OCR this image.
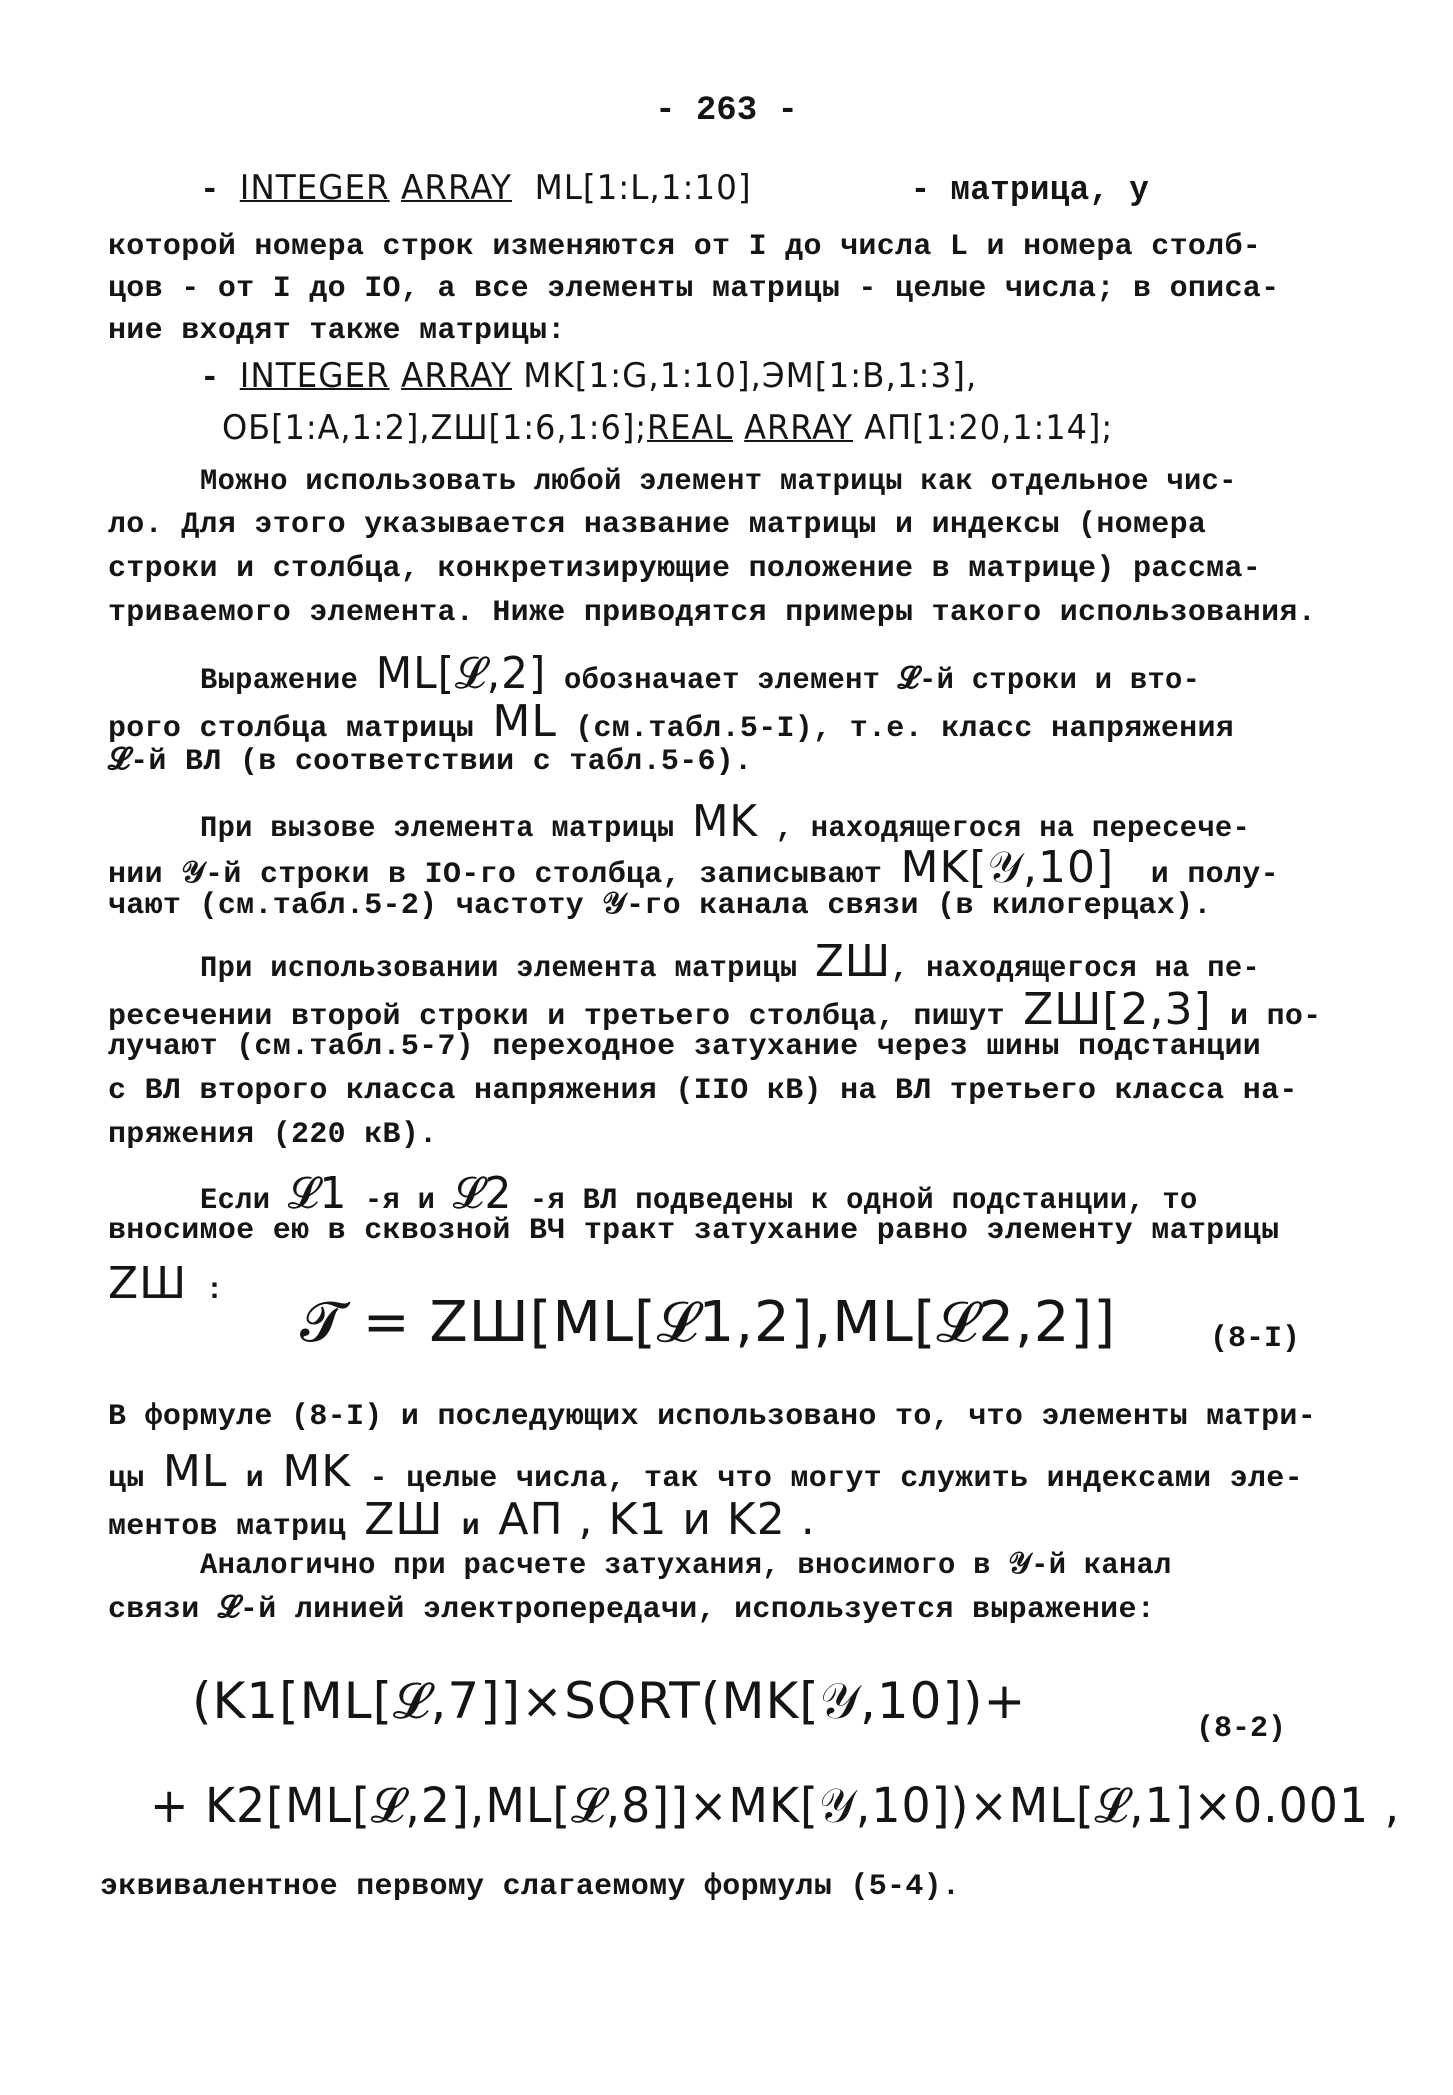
- 263 -
- INTEGER ARRAY  ML[1:L,1:10]        - матрица, у
которой номера строк изменяются от I до числа L и номера столб-
цов - от I до IO, а все элементы матрицы - целые числа; в описа-
ние входят также матрицы:
- INTEGER ARRAY MK[1:G,1:10],ЭМ[1:B,1:3],
ОБ[1:A,1:2],ZШ[1:6,1:6];REAL ARRAY АП[1:20,1:14];
Можно использовать любой элемент матрицы как отдельное чис-
ло. Для этого указывается название матрицы и индексы (номера
строки и столбца, конкретизирующие положение в матрице) рассма-
триваемого элемента. Ниже приводятся примеры такого использования.
Выражение ML[𝓛,2] обозначает элемент 𝓛-й строки и вто-
рого столбца матрицы ML (см.табл.5-I), т.е. класс напряжения
𝓛-й ВЛ (в соответствии с табл.5-6).
При вызове элемента матрицы MK , находящегося на пересече-
нии 𝒴-й строки в IO-го столбца, записывают MK[𝒴,10]  и полу-
чают (см.табл.5-2) частоту 𝒴-го канала связи (в килогерцах).
При использовании элемента матрицы ZШ, находящегося на пе-
ресечении второй строки и третьего столбца, пишут ZШ[2,3] и по-
лучают (см.табл.5-7) переходное затухание через шины подстанции
с ВЛ второго класса напряжения (IIO кВ) на ВЛ третьего класса на-
пряжения (220 кВ).
Если 𝓛1 -я и 𝓛2 -я ВЛ подведены к одной подстанции, то
вносимое ею в сквозной ВЧ тракт затухание равно элементу матрицы
ZШ :
В формуле (8-I) и последующих использовано то, что элементы матри-
цы ML и MK - целые числа, так что могут служить индексами эле-
ментов матриц ZШ и АП , K1 и K2 .
Аналогично при расчете затухания, вносимого в 𝒴-й канал
связи 𝓛-й линией электропередачи, используется выражение:
эквивалентное первому слагаемому формулы (5-4).
𝓣 = ZШ[ML[𝓛1,2],ML[𝓛2,2]]	(8-I)
(K1[ML[𝓛,7]]×SQRT(MK[𝒴,10])+	(8-2)
+ K2[ML[𝓛,2],ML[𝓛,8]]×MK[𝒴,10])×ML[𝓛,1]×0.001 ,
